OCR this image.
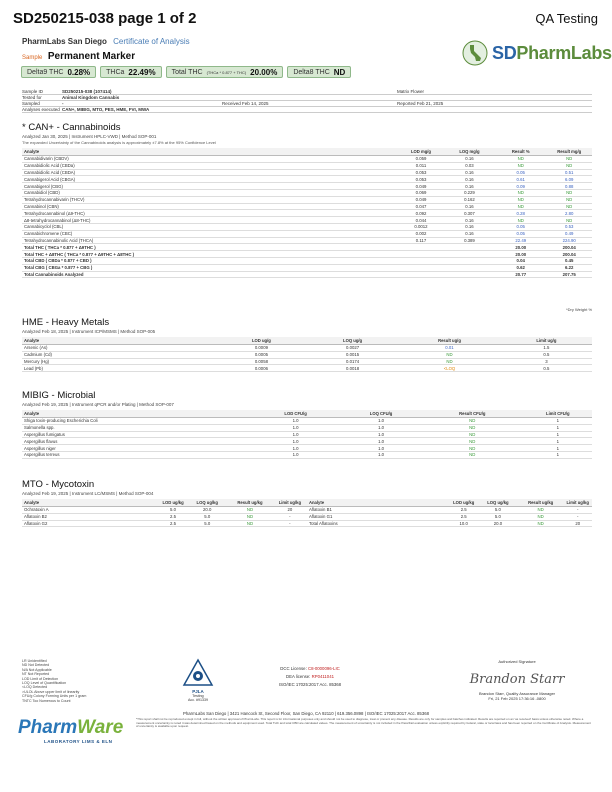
SD250215-038 page 1 of 2	QA Testing
PharmLabs San Diego Certificate of Analysis
Sample Permanent Marker
Delta9 THC 0.28% THCa 22.49% Total THC (THCa * 0.877 + THC) 20.00% Delta8 THC ND
SDPharmLabs
Sample ID	SD250215-038 (107414)	Matrix Flower
Tested for	Animal Kingdom Cannabis
Sampled	-	Received Feb 14, 2025	Reported Feb 21, 2025
Analyses executed CAN+, MIBIG, MTO, PES, HME, FVI, MWA
* CAN+ - Cannabinoids
Analyzed Jan 30, 2025 | Instrument HPLC-VWD | Method SOP-001
The expanded Uncertainty of the Cannabinoids analysis is approximately ±7.8% at the 95% Confidence Level
Analyte	LOD mg/g	LOQ mg/g	Result %	Result mg/g
Cannabidivarin (CBDV)	0.059	0.16	ND	ND
Cannabidiolic Acid (CBDa)	0.011	0.03	ND	ND
Cannabidiolic Acid (CBDA)	0.053	0.16	0.05	0.51
Cannabigerol Acid (CBGA)	0.053	0.16	0.61	6.09
Cannabigerol (CBG)	0.049	0.16	0.09	0.88
Cannabidiol (CBD)	0.069	0.229	ND	ND
Tetrahydrocannabivarin (THCV)	0.049	0.162	ND	ND
Cannabinol (CBN)	0.047	0.16	ND	ND
Tetrahydrocannabinol (Δ9-THC)	0.092	0.307	0.28	2.80
Δ8-tetrahydrocannabinol (Δ8-THC)	0.044	0.16	ND	ND
Cannabicyclol (CBL)	0.0012	0.16	0.05	0.53
Cannabichromene (CBC)	0.002	0.16	0.05	0.49
Tetrahydrocannabinolic Acid (THCA)	0.117	0.389	22.49	224.90
Total THC ( THCa * 0.877 + Δ9THC )			20.00	200.04
Total THC + Δ8THC ( THCa * 0.877 + Δ9THC + Δ8THC )			20.00	200.04
Total CBD ( CBDa * 0.877 + CBD )			0.04	0.45
Total CBG ( CBGa * 0.877 + CBG )			0.62	6.22
Total Cannabinoids Analyzed			20.77	207.75
*Dry Weight %
HME - Heavy Metals
Analyzed Feb 18, 2025 | Instrument ICP/MSMS | Method SOP-005
Analyte	LOD ug/g	LOQ ug/g	Result ug/g	Limit ug/g
Arsenic (As)	0.0009	0.0027	0.01	1.5
Cadmium (Cd)	0.0005	0.0015	ND	0.5
Mercury (Hg)	0.0058	0.0174	ND	3
Lead (Pb)	0.0006	0.0018	<LOQ	0.5
MIBIG - Microbial
Analyzed Feb 19, 2025 | Instrument qPCR and/or Plating | Method SOP-007
Analyte	LOD CFU/g	LOQ CFU/g	Result CFU/g	Limit CFU/g
Shiga toxin-producing Escherichia Coli	1.0	1.0	ND	1
Salmonella spp.	1.0	1.0	ND	1
Aspergillus fumigatus	1.0	1.0	ND	1
Aspergillus flavus	1.0	1.0	ND	1
Aspergillus niger	1.0	1.0	ND	1
Aspergillus terreus	1.0	1.0	ND	1
MTO - Mycotoxin
Analyzed Feb 19, 2025 | Instrument LC/MSMS | Method SOP-004
Analyte	LOD ug/kg	LOQ ug/kg	Result ug/kg	Limit ug/kg	Analyte	LOD ug/kg	LOQ ug/kg	Result ug/kg	Limit ug/kg
Ochratoxin A	5.0	20.0	ND	20	Aflatoxin B1	2.5	5.0	ND	-
Aflatoxin B2	2.5	5.0	ND	-	Aflatoxin G1	2.5	5.0	ND	-
Aflatoxin G2	2.5	5.0	ND	-	Total Aflatoxins	10.0	20.0	ND	20
LR Unidentified
ND Not Detected
N/A Not Applicable
NT Not Reported
LOD Limit of Detection
LOQ Level of Quantification
<LOQ Detected
>ULOL Above upper limit of linearity
CFU/g Colony Forming Units per 1 gram
TNTC Too Numerous to Count
PharmWare
LABORATORY LIMS & ELN
PJLA
Testing
Acc. #91339
DCC License: C8-0000096-LIC
DEA license: RP0411041
ISO/IEC 17025:2017 Acc. 85368
Authorized Signature
Brandon Starr
Brandon Starr, Quality Assurance Manager
Fri, 21 Feb 2025 17:36:16 -0800
PharmLabs San Diego | 3421 Hancock St, Second Floor, San Diego, CA 92110 | 619.356.0898 | ISO/IEC 17025:2017 Acc. 85368
*This report shall not be reproduced except in full, without the written approval of PharmLabs. This report is for informational purposes only and should not be used to diagnose, treat or prevent any disease. Results are only for samples and batches indicated. Results are reported on an 'as received' basis unless otherwise noted. Where a measurement uncertainty is noted it was determined based on the methods and equipment used. Total THC and total CBD are calculated values. The measurement of uncertainty is not included in the Pass/Fail evaluation unless explicitly required by federal, state or local laws and has been reported on the Certificate of Analysis. Measurement of uncertainty is available upon request.
